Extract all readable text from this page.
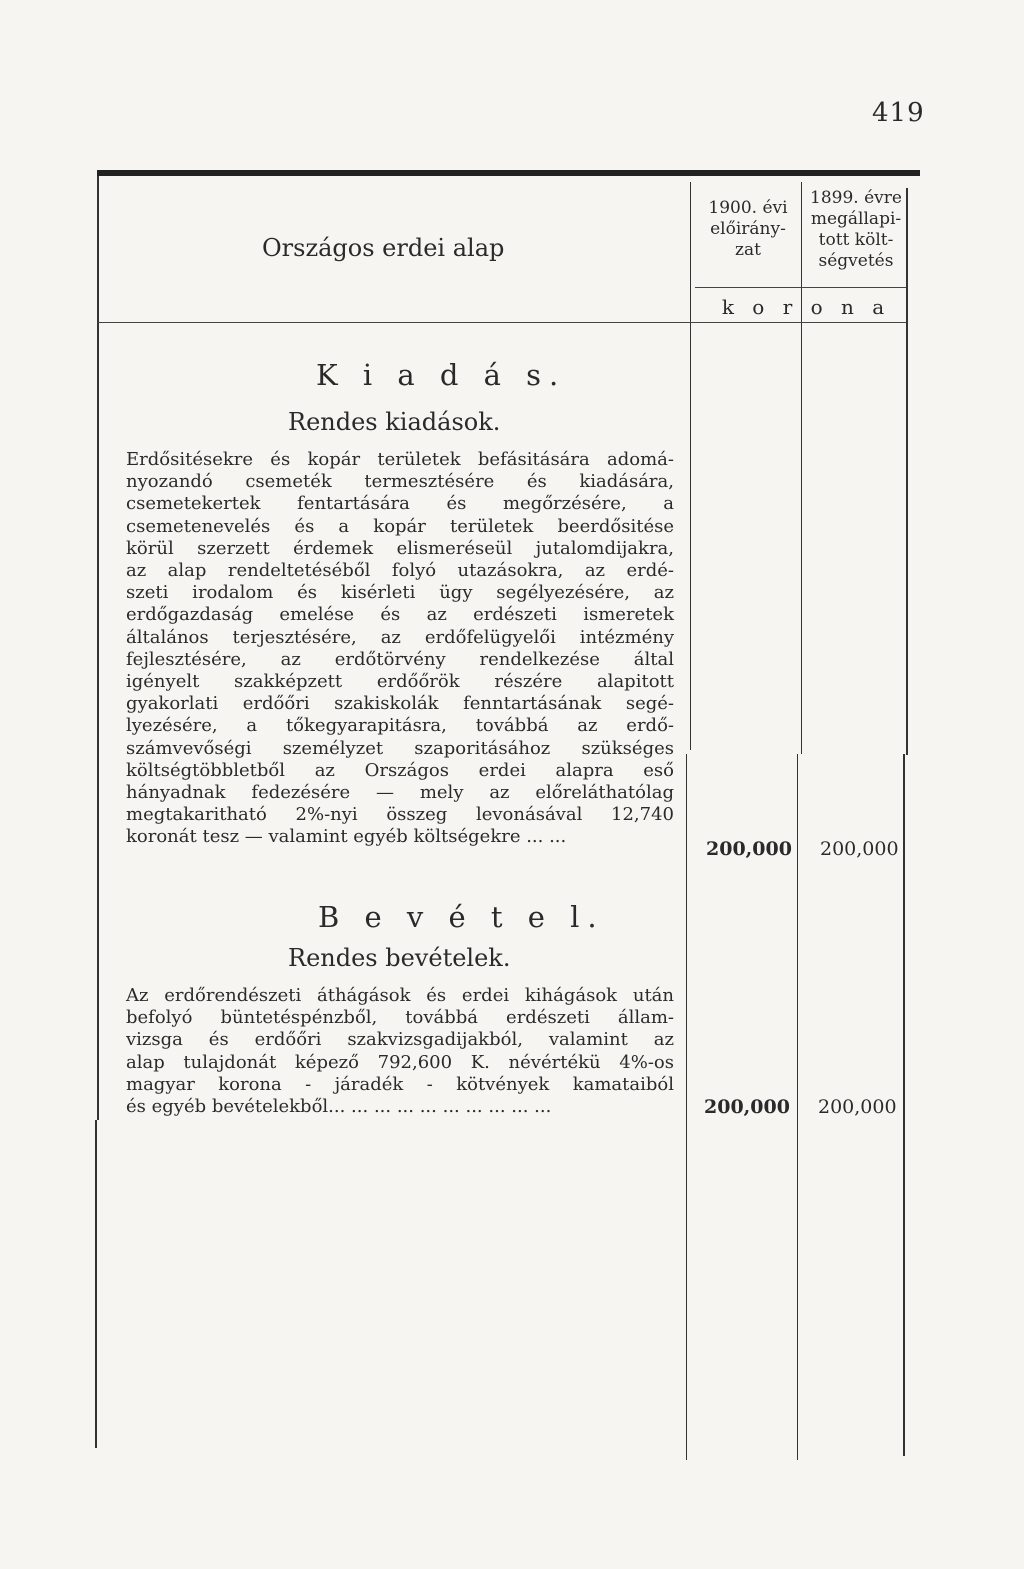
419
Országos erdei alap
1900. évi
előirány-
zat
1899. évre
megállapi-
tott költ-
ségvetés
k o r o n a
K i a d á s.
Rendes kiadások.
Erdősitésekre és kopár területek befásitására adomá-
nyozandó csemeték termesztésére és kiadására,
csemetekertek fentartására és megőrzésére, a
csemetenevelés és a kopár területek beerdősitése
körül szerzett érdemek elismeréseül jutalomdijakra,
az alap rendeltetéséből folyó utazásokra, az erdé-
szeti irodalom és kisérleti ügy segélyezésére, az
erdőgazdaság emelése és az erdészeti ismeretek
általános terjesztésére, az erdőfelügyelői intézmény
fejlesztésére, az erdőtörvény rendelkezése által
igényelt szakképzett erdőőrök részére alapitott
gyakorlati erdőőri szakiskolák fenntartásának segé-
lyezésére, a tőkegyarapitásra, továbbá az erdő-
számvevőségi személyzet szaporitásához szükséges
költségtöbbletből az Országos erdei alapra eső
hányadnak fedezésére — mely az előreláthatólag
megtakaritható 2%-nyi összeg levonásával 12,740
koronát tesz — valamint egyéb költségekre ... ...
200,000 200,000
B e v é t e l.
Rendes bevételek.
Az erdőrendészeti áthágások és erdei kihágások után
befolyó büntetéspénzből, továbbá erdészeti állam-
vizsga és erdőőri szakvizsgadijakból, valamint az
alap tulajdonát képező 792,600 K. névértékü 4%-os
magyar korona - járadék - kötvények kamataiból
és egyéb bevételekből... ... ... ... ... ... ... ... ... ...	200,000 200,000
